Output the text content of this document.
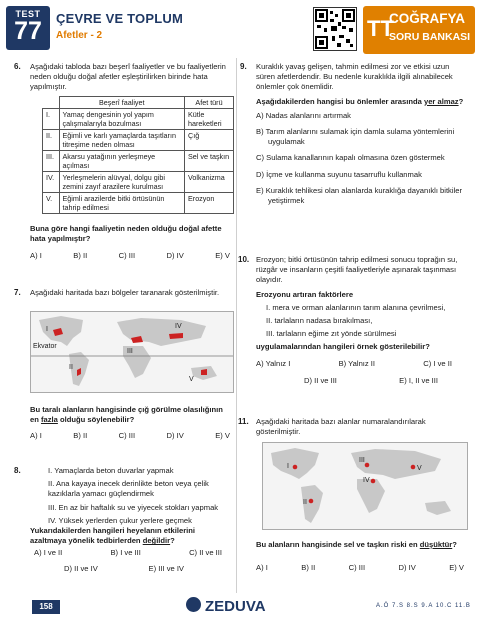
TEST
77	ÇEVRE VE TOPLUM
Afetler - 2	TT
COĞRAFYA
SORU BANKASI
6. Aşağıdaki tabloda bazı beşerî faaliyetler ve bu faaliyetlerin neden olduğu doğal afetler eşleştirilirken birinde hata yapılmıştır.
	Beşerî faaliyet	Afet türü
I.	Yamaç dengesinin yol yapım çalışmalarıyla bozulması	Kütle hareketleri
II.	Eğimli ve karlı yamaçlarda taşıtların titreşime neden olması	Çığ
III.	Akarsu yatağının yerleşmeye açılması	Sel ve taşkın
IV.	Yerleşmelerin alüvyal, dolgu gibi zemini zayıf arazilere kurulması	Volkanizma
V.	Eğimli arazilerde bitki örtüsünün tahrip edilmesi	Erozyon
Buna göre hangi faaliyetin neden olduğu doğal afette hata yapılmıştır?
A) I	B) II	C) III	D) IV	E) V
7. Aşağıdaki haritada bazı bölgeler taranarak gösterilmiştir.
Ekvator
I
II
III
IV
V
Bu taralı alanların hangisinde çığ görülme olasılığının en fazla olduğu söylenebilir?
A) I	B) II	C) III	D) IV	E) V
8.	I. Yamaçlarda beton duvarlar yapmak
II. Ana kayaya inecek derinlikte beton veya çelik kazıklarla yamacı güçlendirmek
III. En az bir haftalık su ve yiyecek stokları yapmak
IV. Yüksek yerlerden çukur yerlere geçmek
Yukarıdakilerden hangileri heyelanın etkilerini azaltmaya yönelik tedbirlerden değildir?
A) I ve II	B) I ve III	C) II ve III
D) II ve IV	E) III ve IV
9. Kuraklık yavaş gelişen, tahmin edilmesi zor ve etkisi uzun süren afetlerdendir. Bu nedenle kuraklıkla ilgili alınabilecek önlemler çok önemlidir.
Aşağıdakilerden hangisi bu önlemler arasında yer almaz?
A) Nadas alanlarını artırmak
B) Tarım alanlarını sulamak için damla sulama yöntemlerini uygulamak
C) Sulama kanallarının kapalı olmasına özen göstermek
D) İçme ve kullanma suyunu tasarruflu kullanmak
E) Kuraklık tehlikesi olan alanlarda kuraklığa dayanıklı bitkiler yetiştirmek
10. Erozyon; bitki örtüsünün tahrip edilmesi sonucu toprağın su, rüzgâr ve insanların çeşitli faaliyetleriyle aşınarak taşınması olayıdır.
Erozyonu artıran faktörlere
I. mera ve orman alanlarının tarım alanına çevrilmesi,
II. tarlaların nadasa bırakılması,
III. tarlaların eğime zıt yönde sürülmesi
uygulamalarından hangileri örnek gösterilebilir?
A) Yalnız I	B) Yalnız II	C) I ve II
D) II ve III	E) I, II ve III
11. Aşağıdaki haritada bazı alanlar numaralandırılarak gösterilmiştir.
I
II
III
IV
V
Bu alanların hangisinde sel ve taşkın riski en düşüktür?
A) I	B) II	C) III	D) IV	E) V
158	ZEDUVA	A.Ö 7.S 8.S 9.A 10.C 11.B
